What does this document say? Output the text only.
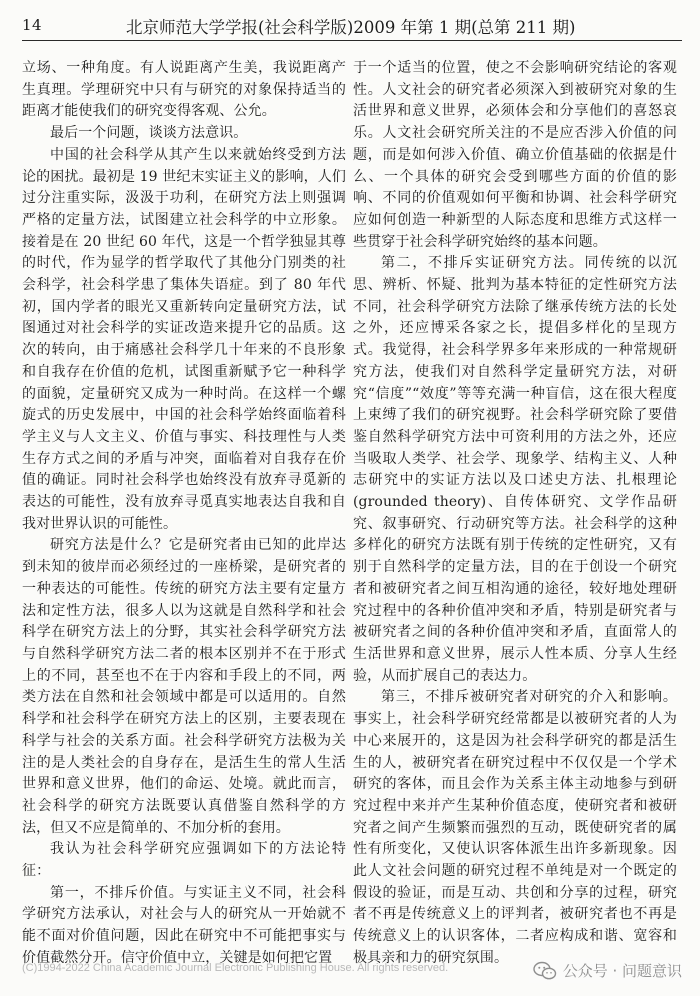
14	北京师范大学学报(社会科学版)2009 年第 1 期(总第 211 期)

立场、一种角度。有人说距离产生美，我说距离产生真理。学理研究中只有与研究的对象保持适当的距离才能使我们的研究变得客观、公允。

最后一个问题，谈谈方法意识。

中国的社会科学从其产生以来就始终受到方法论的困扰。最初是 19 世纪末实证主义的影响，人们过分注重实际，汲汲于功利，在研究方法上则强调严格的定量方法，试图建立社会科学的中立形象。接着是在 20 世纪 60 年代，这是一个哲学独显其尊的时代，作为显学的哲学取代了其他分门别类的社会科学，社会科学患了集体失语症。到了 80 年代初，国内学者的眼光又重新转向定量研究方法，试图通过对社会科学的实证改造来提升它的品质。这次的转向，由于痛感社会科学几十年来的不良形象和自我存在价值的危机，试图重新赋予它一种科学的面貌，定量研究又成为一种时尚。在这样一个螺旋式的历史发展中，中国的社会科学始终面临着科学主义与人文主义、价值与事实、科技理性与人类生存方式之间的矛盾与冲突，面临着对自我存在价值的确证。同时社会科学也始终没有放弃寻觅新的表达的可能性，没有放弃寻觅真实地表达自我和自我对世界认识的可能性。

研究方法是什么？它是研究者由已知的此岸达到未知的彼岸而必须经过的一座桥梁，是研究者的一种表达的可能性。传统的研究方法主要有定量方法和定性方法，很多人以为这就是自然科学和社会科学在研究方法上的分野，其实社会科学研究方法与自然科学研究方法二者的根本区别并不在于形式上的不同，甚至也不在于内容和手段上的不同，两类方法在自然和社会领域中都是可以适用的。自然科学和社会科学在研究方法上的区别，主要表现在科学与社会的关系方面。社会科学研究方法极为关注的是人类社会的自身存在，是活生生的常人生活世界和意义世界，他们的命运、处境。就此而言，社会科学的研究方法既要认真借鉴自然科学的方法，但又不应是简单的、不加分析的套用。

我认为社会科学研究应强调如下的方法论特征：

第一，不排斥价值。与实证主义不同，社会科学研究方法承认，对社会与人的研究从一开始就不能不面对价值问题，因此在研究中不可能把事实与价值截然分开。信守价值中立，关键是如何把它置

于一个适当的位置，使之不会影响研究结论的客观性。人文社会的研究者必须深入到被研究对象的生活世界和意义世界，必须体会和分享他们的喜怒哀乐。人文社会研究所关注的不是应否涉入价值的问题，而是如何涉入价值、确立价值基础的依据是什么、一个具体的研究会受到哪些方面的价值的影响、不同的价值观如何平衡和协调、社会科学研究应如何创造一种新型的人际态度和思维方式这样一些贯穿于社会科学研究始终的基本问题。

第二，不排斥实证研究方法。同传统的以沉思、辨析、怀疑、批判为基本特征的定性研究方法不同，社会科学研究方法除了继承传统方法的长处之外，还应博采各家之长，提倡多样化的呈现方式。我觉得，社会科学界多年来形成的一种常规研究方法，使我们对自然科学定量研究方法，对研究“信度”“效度”等等充满一种盲信，这在很大程度上束缚了我们的研究视野。社会科学研究除了要借鉴自然科学研究方法中可资利用的方法之外，还应当吸取人类学、社会学、现象学、结构主义、人种志研究中的实证方法以及口述史方法、扎根理论(grounded theory)、自传体研究、文学作品研究、叙事研究、行动研究等方法。社会科学的这种多样化的研究方法既有别于传统的定性研究，又有别于自然科学的定量方法，目的在于创设一个研究者和被研究者之间互相沟通的途径，较好地处理研究过程中的各种价值冲突和矛盾，特别是研究者与被研究者之间的各种价值冲突和矛盾，直面常人的生活世界和意义世界，展示人性本质、分享人生经验，从而扩展自己的表达力。

第三，不排斥被研究者对研究的介入和影响。事实上，社会科学研究经常都是以被研究者的人为中心来展开的，这是因为社会科学研究的都是活生生的人，被研究者在研究过程中不仅仅是一个学术研究的客体，而且会作为关系主体主动地参与到研究过程中来并产生某种价值态度，使研究者和被研究者之间产生频繁而强烈的互动，既使研究者的属性有所变化，又使认识客体派生出许多新现象。因此人文社会问题的研究过程不单纯是对一个既定的假设的验证，而是互动、共创和分享的过程，研究者不再是传统意义上的评判者，被研究者也不再是传统意义上的认识客体，二者应构成和谐、宽容和极具亲和力的研究氛围。

(C)1994-2022 China Academic Journal Electronic Publishing House. All rights reserved.	公众号 · 问题意识
